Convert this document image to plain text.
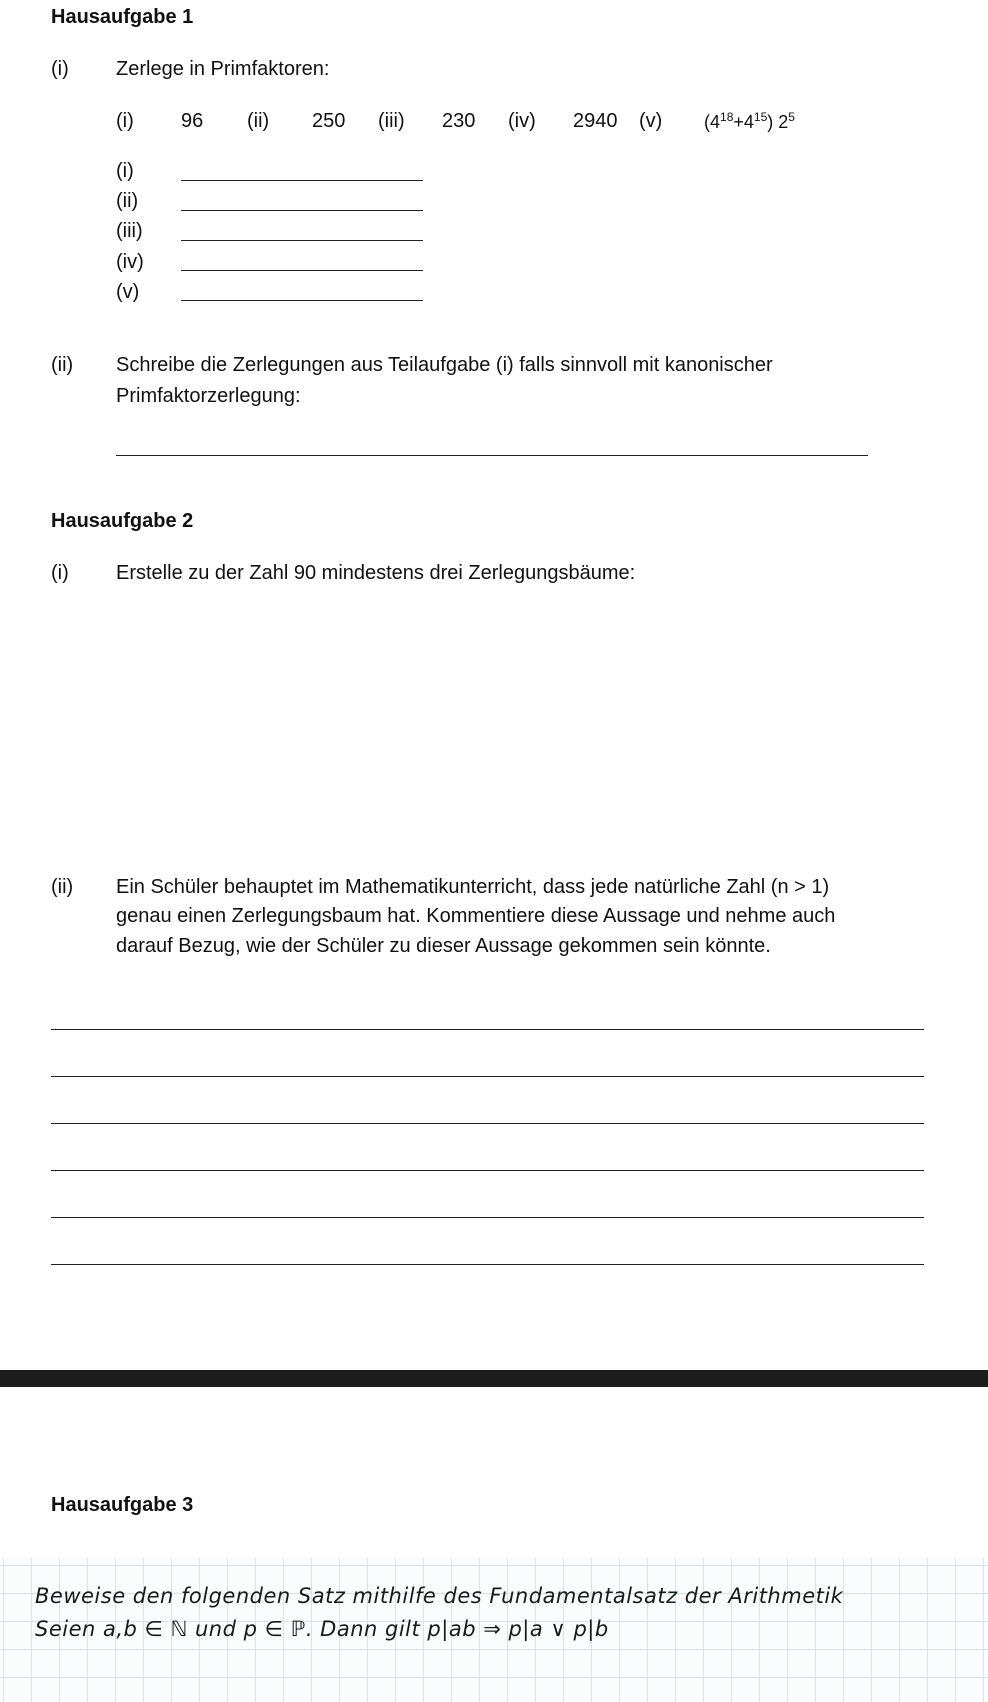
Hausaufgabe 1
(i) Zerlege in Primfaktoren:
(i) 96 (ii) 250 (iii) 230 (iv) 2940 (v) $(4^{18}+4^{15})$ $2^5$
(i)
(ii)
(iii)
(iv)
(v)
(ii) Schreibe die Zerlegungen aus Teilaufgabe (i) falls sinnvoll mit kanonischer
Primfaktorzerlegung:
Hausaufgabe 2
(i) Erstelle zu der Zahl 90 mindestens drei Zerlegungsbäume:
(ii) Ein Schüler behauptet im Mathematikunterricht, dass jede natürliche Zahl (n > 1)
genau einen Zerlegungsbaum hat. Kommentiere diese Aussage und nehme auch
darauf Bezug, wie der Schüler zu dieser Aussage gekommen sein könnte.
Hausaufgabe 3
Beweise den folgenden Satz mithilfe des Fundamentalsatz der Arithmetik
Seien a,b ∈ ℕ und p ∈ ℙ. Dann gilt p|ab ⇒ p|a ∨ p|b
